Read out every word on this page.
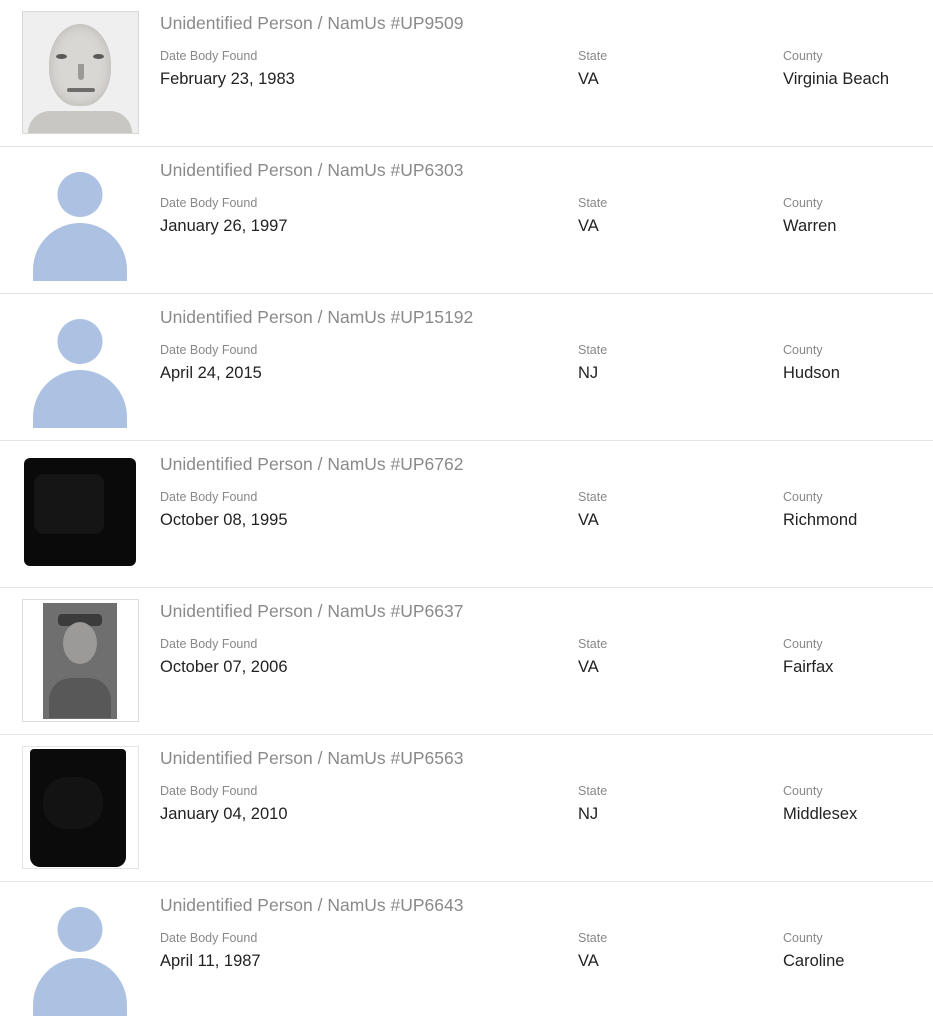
Unidentified Person / NamUs #UP9509
Date Body Found
February 23, 1983
State
VA
County
Virginia Beach
Unidentified Person / NamUs #UP6303
Date Body Found
January 26, 1997
State
VA
County
Warren
Unidentified Person / NamUs #UP15192
Date Body Found
April 24, 2015
State
NJ
County
Hudson
Unidentified Person / NamUs #UP6762
Date Body Found
October 08, 1995
State
VA
County
Richmond
Unidentified Person / NamUs #UP6637
Date Body Found
October 07, 2006
State
VA
County
Fairfax
Unidentified Person / NamUs #UP6563
Date Body Found
January 04, 2010
State
NJ
County
Middlesex
Unidentified Person / NamUs #UP6643
Date Body Found
April 11, 1987
State
VA
County
Caroline
